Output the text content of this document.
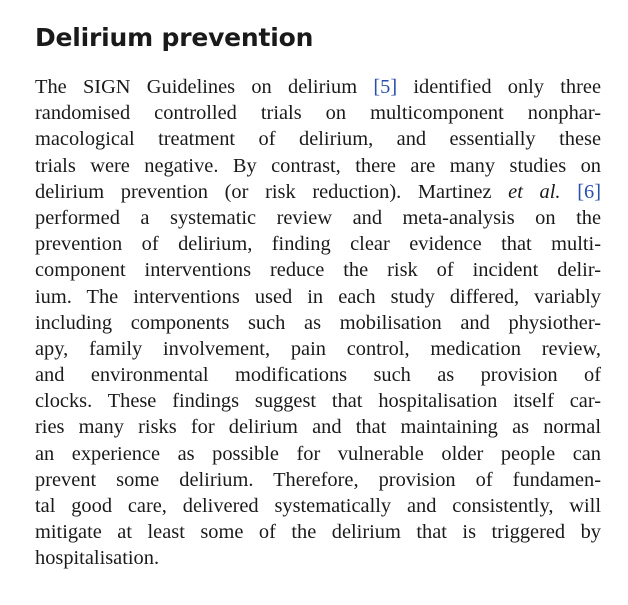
Delirium prevention
The SIGN Guidelines on delirium [5] identified only three
randomised controlled trials on multicomponent nonphar-
macological treatment of delirium, and essentially these
trials were negative. By contrast, there are many studies on
delirium prevention (or risk reduction). Martinez et al. [6]
performed a systematic review and meta-analysis on the
prevention of delirium, finding clear evidence that multi-
component interventions reduce the risk of incident delir-
ium. The interventions used in each study differed, variably
including components such as mobilisation and physiother-
apy, family involvement, pain control, medication review,
and environmental modifications such as provision of
clocks. These findings suggest that hospitalisation itself car-
ries many risks for delirium and that maintaining as normal
an experience as possible for vulnerable older people can
prevent some delirium. Therefore, provision of fundamen-
tal good care, delivered systematically and consistently, will
mitigate at least some of the delirium that is triggered by
hospitalisation.
